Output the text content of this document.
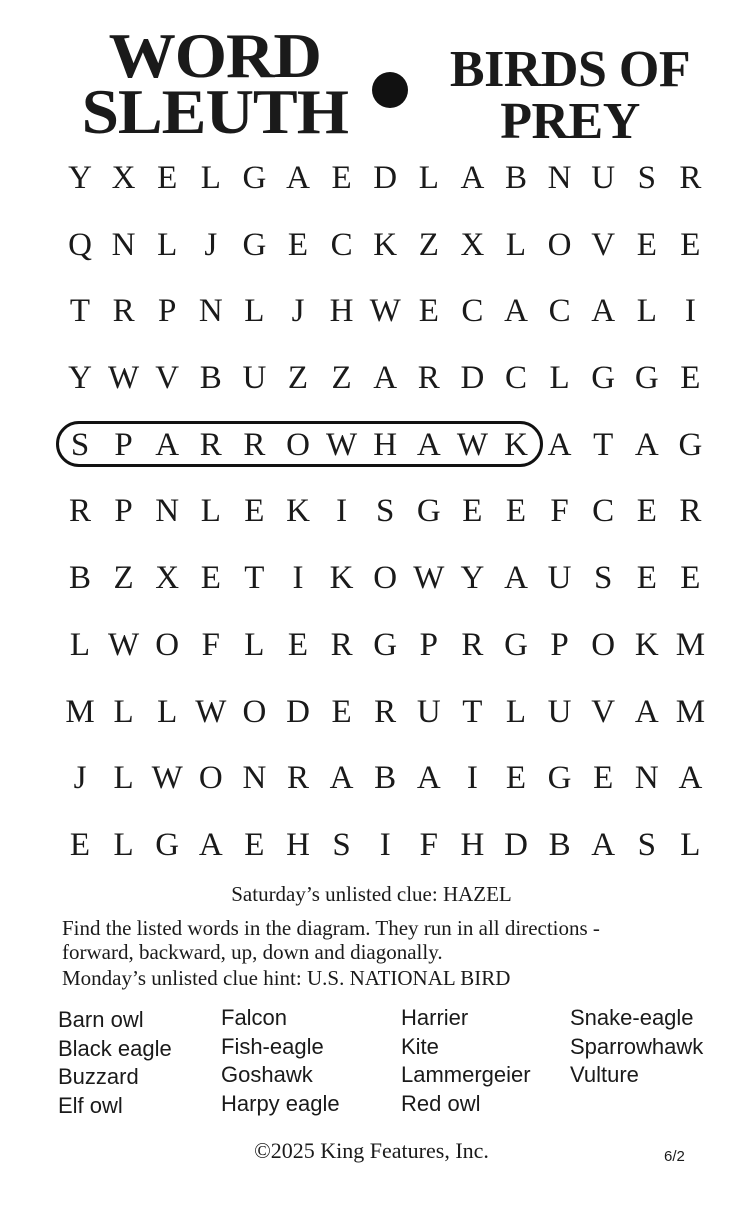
WORD
SLEUTH
BIRDS OF
PREY
Y X E L G A E D L A B N U S R
Q N L J G E C K Z X L O V E E
T R P N L J H W E C A C A L I
Y W V B U Z Z A R D C L G G E
S P A R R O W H A W K A T A G
R P N L E K I S G E E F C E R
B Z X E T I K O W Y A U S E E
L W O F L E R G P R G P O K M
M L L W O D E R U T L U V A M
J L W O N R A B A I E G E N A
E L G A E H S I F H D B A S L
Saturday’s unlisted clue: HAZEL
Find the listed words in the diagram. They run in all directions -
forward, backward, up, down and diagonally.
Monday’s unlisted clue hint: U.S. NATIONAL BIRD
Barn owl
Black eagle
Buzzard
Elf owl
Falcon
Fish-eagle
Goshawk
Harpy eagle
Harrier
Kite
Lammergeier
Red owl
Snake-eagle
Sparrowhawk
Vulture
©2025 King Features, Inc.	6/2
